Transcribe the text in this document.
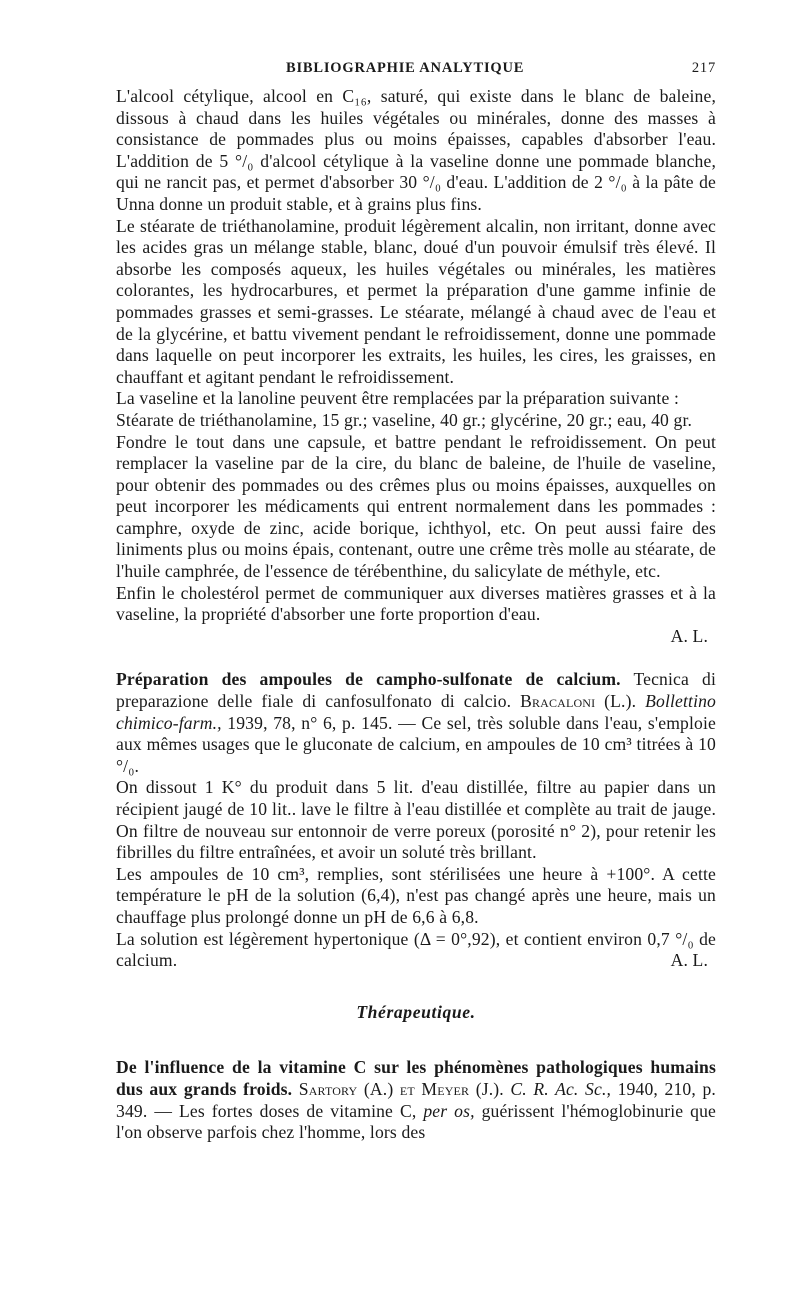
BIBLIOGRAPHIE ANALYTIQUE	217

L'alcool cétylique, alcool en C₁₆, saturé, qui existe dans le blanc de baleine, dissous à chaud dans les huiles végétales ou minérales, donne des masses à consistance de pommades plus ou moins épaisses, capables d'absorber l'eau. L'addition de 5 °/₀ d'alcool cétylique à la vaseline donne une pommade blanche, qui ne rancit pas, et permet d'absorber 30 °/₀ d'eau. L'addition de 2 °/₀ à la pâte de Unna donne un produit stable, et à grains plus fins.

Le stéarate de triéthanolamine, produit légèrement alcalin, non irritant, donne avec les acides gras un mélange stable, blanc, doué d'un pouvoir émulsif très élevé. Il absorbe les composés aqueux, les huiles végétales ou minérales, les matières colorantes, les hydrocarbures, et permet la préparation d'une gamme infinie de pommades grasses et semi-grasses. Le stéarate, mélangé à chaud avec de l'eau et de la glycérine, et battu vivement pendant le refroidissement, donne une pommade dans laquelle on peut incorporer les extraits, les huiles, les cires, les graisses, en chauffant et agitant pendant le refroidissement.

La vaseline et la lanoline peuvent être remplacées par la préparation suivante :

Stéarate de triéthanolamine, 15 gr.; vaseline, 40 gr.; glycérine, 20 gr.; eau, 40 gr.

Fondre le tout dans une capsule, et battre pendant le refroidissement. On peut remplacer la vaseline par de la cire, du blanc de baleine, de l'huile de vaseline, pour obtenir des pommades ou des crêmes plus ou moins épaisses, auxquelles on peut incorporer les médicaments qui entrent normalement dans les pommades : camphre, oxyde de zinc, acide borique, ichthyol, etc. On peut aussi faire des liniments plus ou moins épais, contenant, outre une crême très molle au stéarate, de l'huile camphrée, de l'essence de térébenthine, du salicylate de méthyle, etc.

Enfin le cholestérol permet de communiquer aux diverses matières grasses et à la vaseline, la propriété d'absorber une forte proportion d'eau.

A. L.

Préparation des ampoules de campho-sulfonate de calcium. Tecnica di preparazione delle fiale di canfosulfonato di calcio. Bracaloni (L.). Bollettino chimico-farm., 1939, 78, n° 6, p. 145. — Ce sel, très soluble dans l'eau, s'emploie aux mêmes usages que le gluconate de calcium, en ampoules de 10 cm³ titrées à 10 °/₀.

On dissout 1 K° du produit dans 5 lit. d'eau distillée, filtre au papier dans un récipient jaugé de 10 lit.. lave le filtre à l'eau distillée et complète au trait de jauge. On filtre de nouveau sur entonnoir de verre poreux (porosité n° 2), pour retenir les fibrilles du filtre entraînées, et avoir un soluté très brillant.

Les ampoules de 10 cm³, remplies, sont stérilisées une heure à +100°. A cette température le pH de la solution (6,4), n'est pas changé après une heure, mais un chauffage plus prolongé donne un pH de 6,6 à 6,8.

La solution est légèrement hypertonique (Δ = 0°,92), et contient environ 0,7 °/₀ de calcium.	A. L.

Thérapeutique.

De l'influence de la vitamine C sur les phénomènes pathologiques humains dus aux grands froids. Sartory (A.) et Meyer (J.). C. R. Ac. Sc., 1940, 210, p. 349. — Les fortes doses de vitamine C, per os, guérissent l'hémoglobinurie que l'on observe parfois chez l'homme, lors des
